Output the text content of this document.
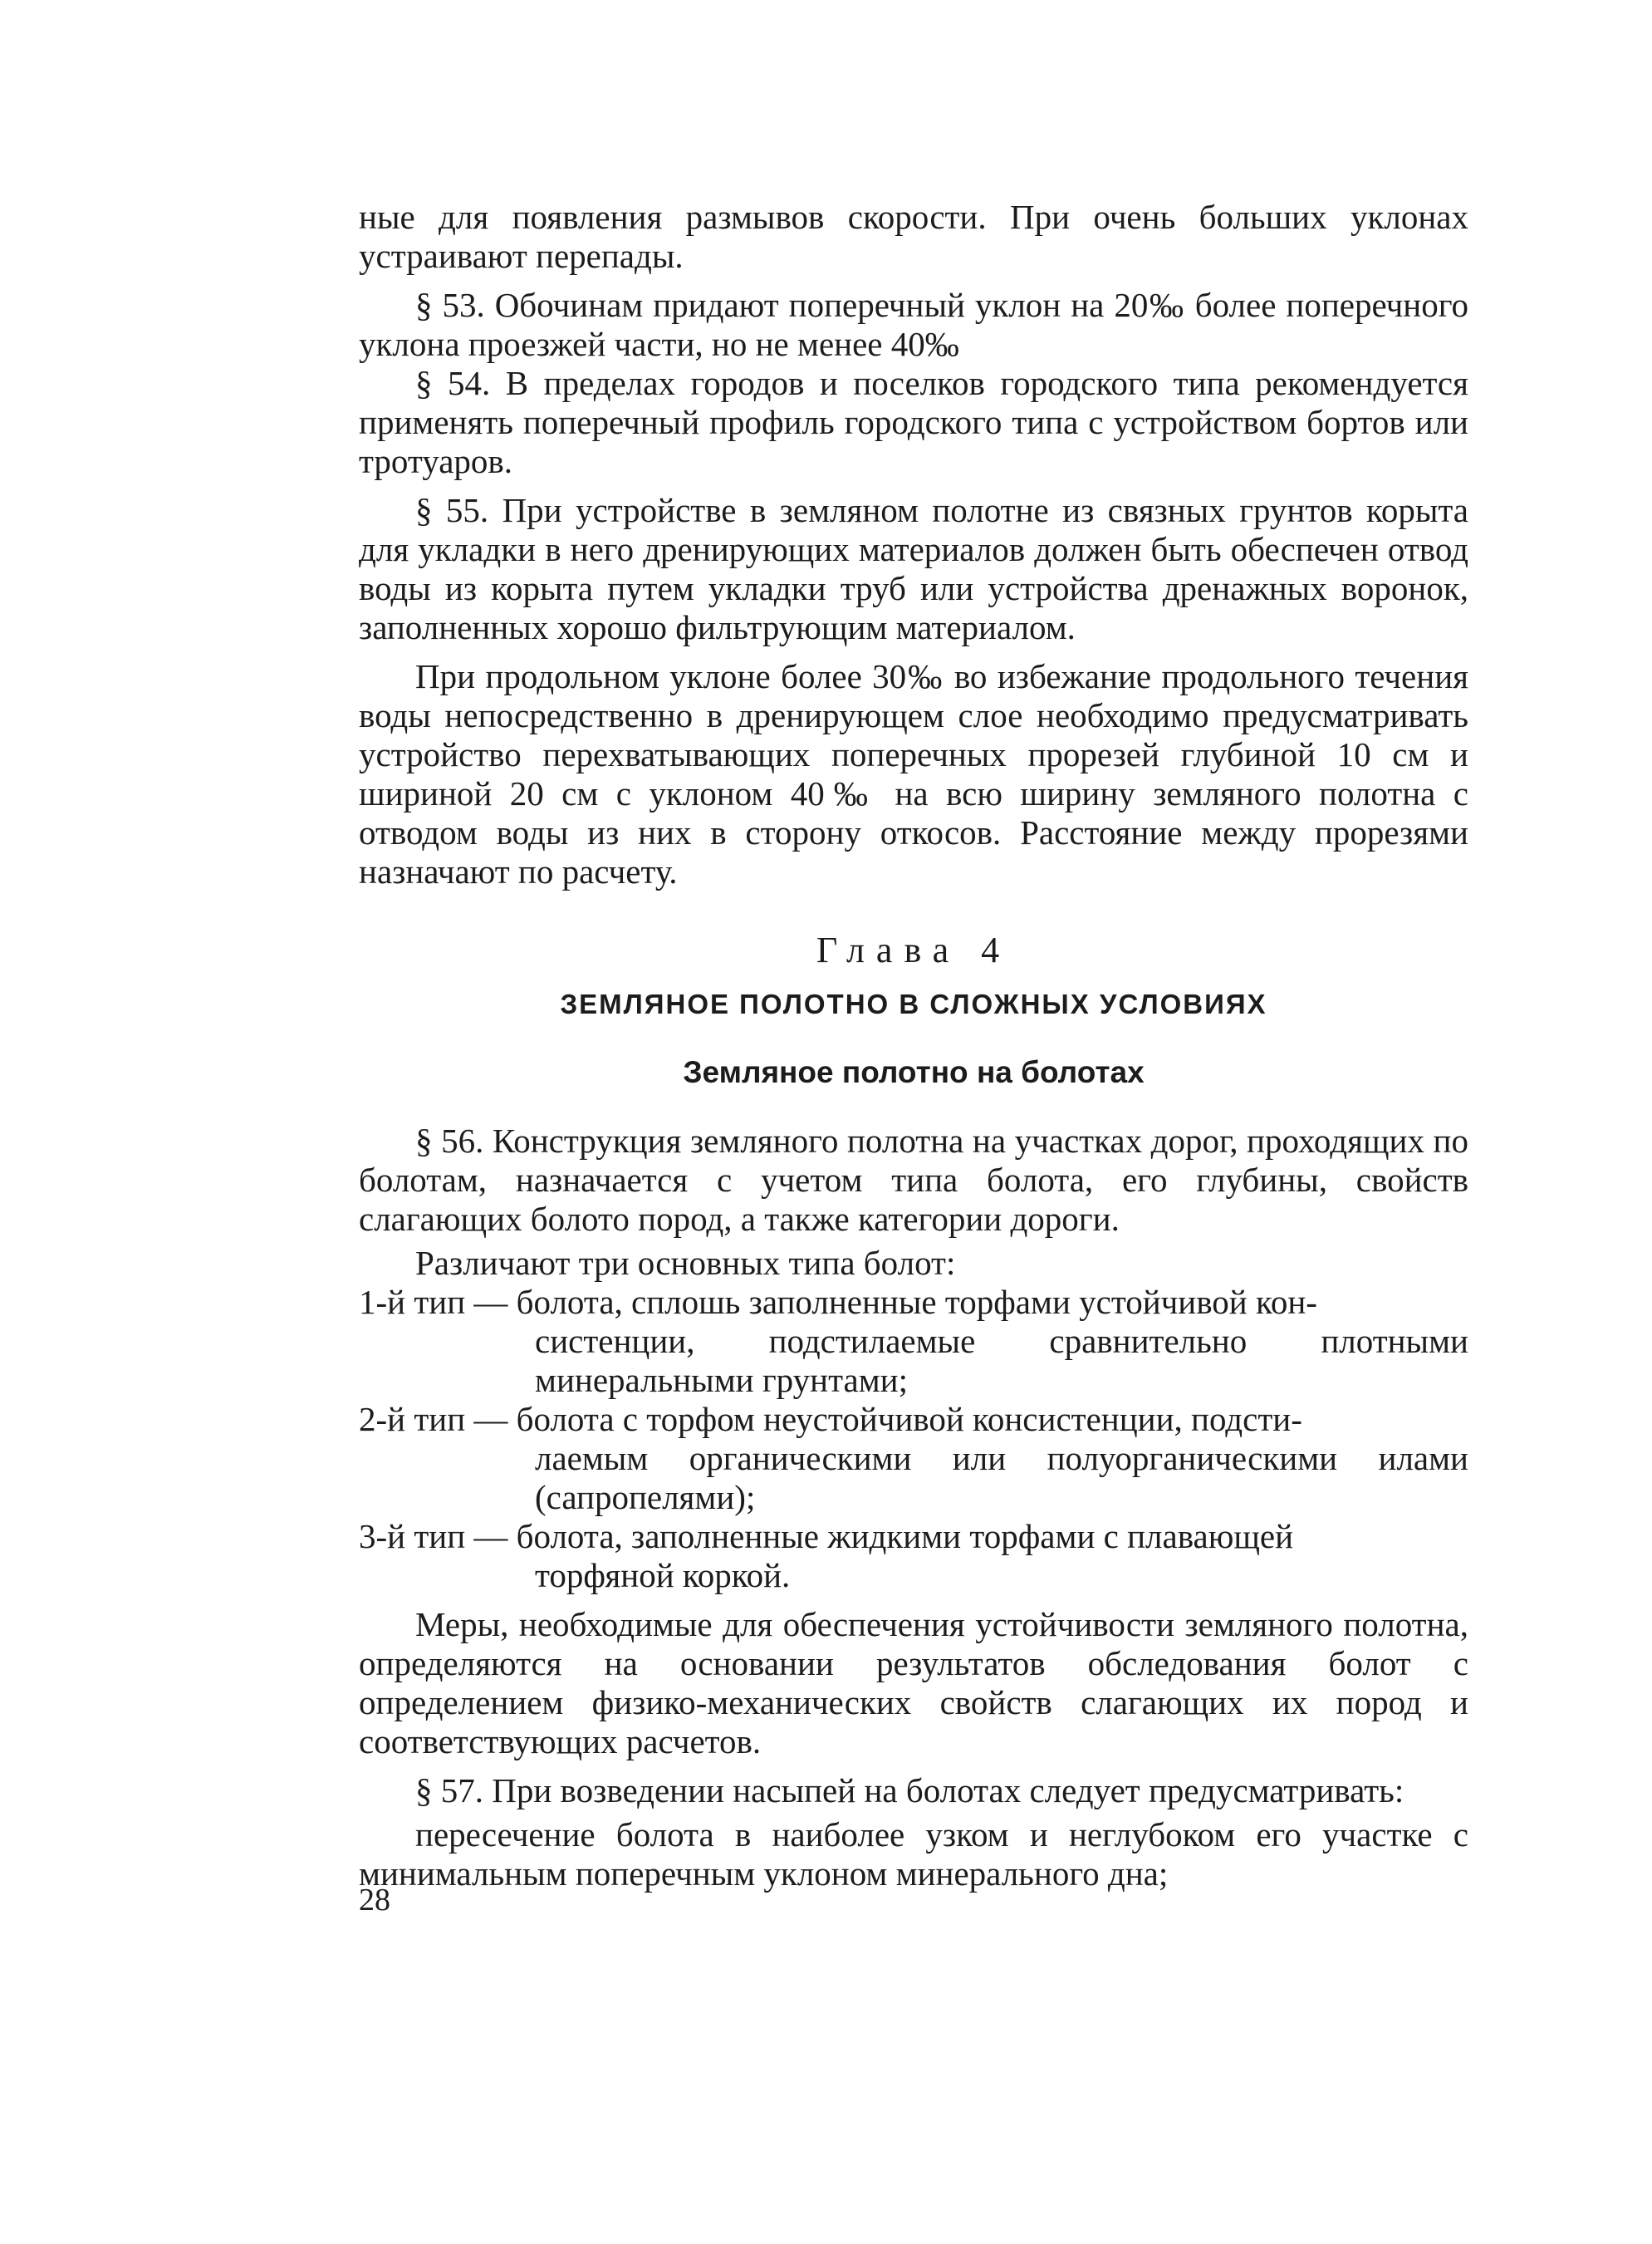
ные для появления размывов скорости. При очень больших уклонах устраивают перепады.

§ 53. Обочинам придают поперечный уклон на 20‰ более поперечного уклона проезжей части, но не менее 40‰

§ 54. В пределах городов и поселков городского типа рекомендуется применять поперечный профиль городского типа с устройством бортов или тротуаров.

§ 55. При устройстве в земляном полотне из связных грунтов корыта для укладки в него дренирующих материалов должен быть обеспечен отвод воды из корыта путем укладки труб или устройства дренажных воронок, заполненных хорошо фильтрующим материалом.

При продольном уклоне более 30‰ во избежание продольного течения воды непосредственно в дренирующем слое необходимо предусматривать устройство перехватывающих поперечных прорезей глубиной 10 см и шириной 20 см с уклоном 40‰ на всю ширину земляного полотна с отводом воды из них в сторону откосов. Расстояние между прорезями назначают по расчету.

Глава 4
ЗЕМЛЯНОЕ ПОЛОТНО В СЛОЖНЫХ УСЛОВИЯХ
Земляное полотно на болотах

§ 56. Конструкция земляного полотна на участках дорог, проходящих по болотам, назначается с учетом типа болота, его глубины, свойств слагающих болото пород, а также категории дороги.

Различают три основных типа болот:

1-й тип — болота, сплошь заполненные торфами устойчивой кон-

систенции, подстилаемые сравнительно плотными минеральными грунтами;

2-й тип — болота с торфом неустойчивой консистенции, подсти-

лаемым органическими или полуорганическими илами (сапропелями);

3-й тип — болота, заполненные жидкими торфами с плавающей

торфяной коркой.

Меры, необходимые для обеспечения устойчивости земляного полотна, определяются на основании результатов обследования болот с определением физико-механических свойств слагающих их пород и соответствующих расчетов.

§ 57. При возведении насыпей на болотах следует предусматривать:

пересечение болота в наиболее узком и неглубоком его участке с минимальным поперечным уклоном минерального дна;

28
